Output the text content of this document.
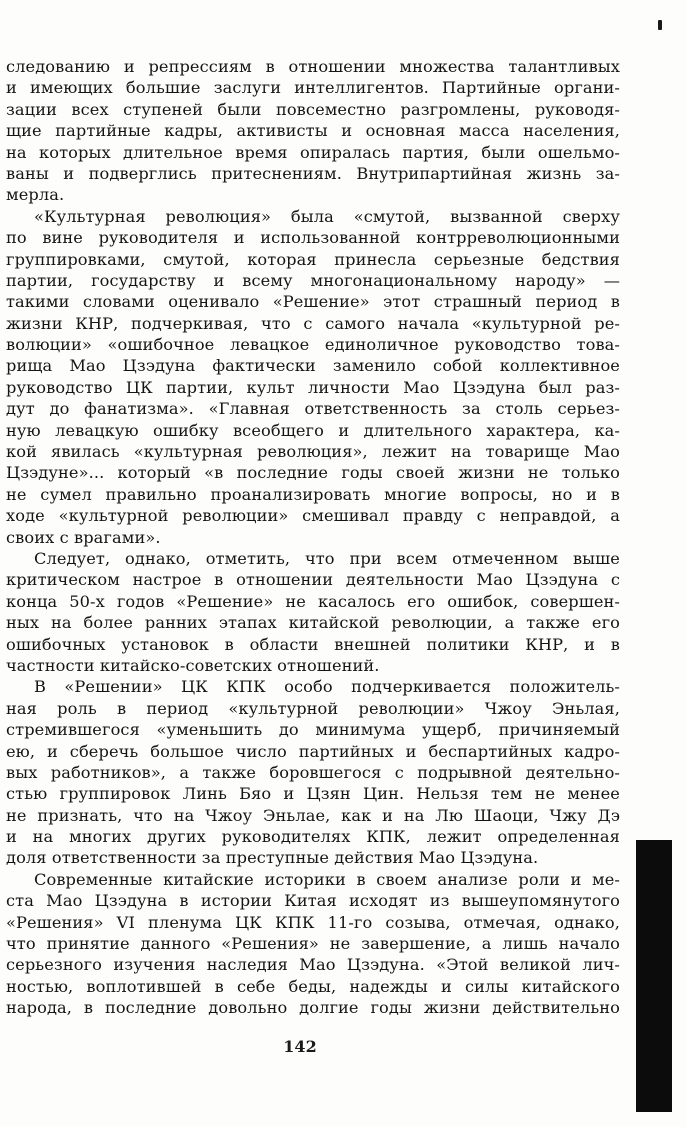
следованию и репрессиям в отношении множества талантливых
и имеющих большие заслуги интеллигентов. Партийные органи-
зации всех ступеней были повсеместно разгромлены, руководя-
щие партийные кадры, активисты и основная масса населения,
на которых длительное время опиралась партия, были ошельмо-
ваны и подверглись притеснениям. Внутрипартийная жизнь за-
мерла.
«Культурная революция» была «смутой, вызванной сверху
по вине руководителя и использованной контрреволюционными
группировками, смутой, которая принесла серьезные бедствия
партии, государству и всему многонациональному народу» —
такими словами оценивало «Решение» этот страшный период в
жизни КНР, подчеркивая, что с самого начала «культурной ре-
волюции» «ошибочное левацкое единоличное руководство това-
рища Мао Цзэдуна фактически заменило собой коллективное
руководство ЦК партии, культ личности Мао Цзэдуна был раз-
дут до фанатизма». «Главная ответственность за столь серьез-
ную левацкую ошибку всеобщего и длительного характера, ка-
кой явилась «культурная революция», лежит на товарище Мао
Цзэдуне»... который «в последние годы своей жизни не только
не сумел правильно проанализировать многие вопросы, но и в
ходе «культурной революции» смешивал правду с неправдой, а
своих с врагами».
Следует, однако, отметить, что при всем отмеченном выше
критическом настрое в отношении деятельности Мао Цзэдуна с
конца 50-х годов «Решение» не касалось его ошибок, совершен-
ных на более ранних этапах китайской революции, а также его
ошибочных установок в области внешней политики КНР, и в
частности китайско-советских отношений.
В «Решении» ЦК КПК особо подчеркивается положитель-
ная роль в период «культурной революции» Чжоу Эньлая,
стремившегося «уменьшить до минимума ущерб, причиняемый
ею, и сберечь большое число партийных и беспартийных кадро-
вых работников», а также боровшегося с подрывной деятельно-
стью группировок Линь Бяо и Цзян Цин. Нельзя тем не менее
не признать, что на Чжоу Эньлае, как и на Лю Шаоци, Чжу Дэ
и на многих других руководителях КПК, лежит определенная
доля ответственности за преступные действия Мао Цзэдуна.
Современные китайские историки в своем анализе роли и ме-
ста Мао Цзэдуна в истории Китая исходят из вышеупомянутого
«Решения» VI пленума ЦК КПК 11-го созыва, отмечая, однако,
что принятие данного «Решения» не завершение, а лишь начало
серьезного изучения наследия Мао Цзэдуна. «Этой великой лич-
ностью, воплотившей в себе беды, надежды и силы китайского
народа, в последние довольно долгие годы жизни действительно
142
